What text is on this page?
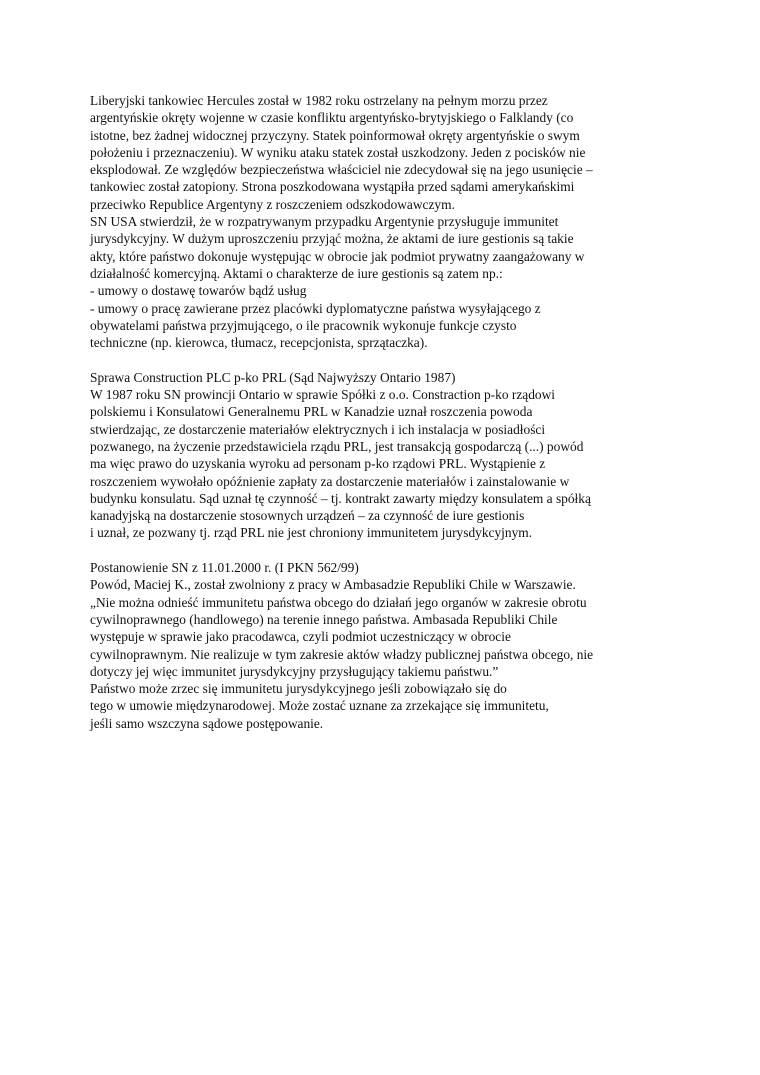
Liberyjski tankowiec Hercules został w 1982 roku ostrzelany na pełnym morzu przez
argentyńskie okręty wojenne w czasie konfliktu argentyńsko-brytyjskiego o Falklandy (co
istotne, bez żadnej widocznej przyczyny. Statek poinformował okręty argentyńskie o swym
położeniu i przeznaczeniu). W wyniku ataku statek został uszkodzony. Jeden z pocisków nie
eksplodował. Ze względów bezpieczeństwa właściciel nie zdecydował się na jego usunięcie –
tankowiec został zatopiony. Strona poszkodowana wystąpiła przed sądami amerykańskimi
przeciwko Republice Argentyny z roszczeniem odszkodowawczym.
SN USA stwierdził, że w rozpatrywanym przypadku Argentynie przysługuje immunitet
jurysdykcyjny. W dużym uproszczeniu przyjąć można, że aktami de iure gestionis są takie
akty, które państwo dokonuje występując w obrocie jak podmiot prywatny zaangażowany w
działalność komercyjną. Aktami o charakterze de iure gestionis są zatem np.:
- umowy o dostawę towarów bądź usług
- umowy o pracę zawierane przez placówki dyplomatyczne państwa wysyłającego z
obywatelami państwa przyjmującego, o ile pracownik wykonuje funkcje czysto
techniczne (np. kierowca, tłumacz, recepcjonista, sprzątaczka).
Sprawa Construction PLC p-ko PRL (Sąd Najwyższy Ontario 1987)
W 1987 roku SN prowincji Ontario w sprawie Spółki z o.o. Constraction p-ko rządowi
polskiemu i Konsulatowi Generalnemu PRL w Kanadzie uznał roszczenia powoda
stwierdzając, ze dostarczenie materiałów elektrycznych i ich instalacja w posiadłości
pozwanego, na życzenie przedstawiciela rządu PRL, jest transakcją gospodarczą (...) powód
ma więc prawo do uzyskania wyroku ad personam p-ko rządowi PRL. Wystąpienie z
roszczeniem wywołało opóźnienie zapłaty za dostarczenie materiałów i zainstalowanie w
budynku konsulatu. Sąd uznał tę czynność – tj. kontrakt zawarty między konsulatem a spółką
kanadyjską na dostarczenie stosownych urządzeń – za czynność de iure gestionis
i uznał, ze pozwany tj. rząd PRL nie jest chroniony immunitetem jurysdykcyjnym.
Postanowienie SN z 11.01.2000 r. (I PKN 562/99)
Powód, Maciej K., został zwolniony z pracy w Ambasadzie Republiki Chile w Warszawie.
„Nie można odnieść immunitetu państwa obcego do działań jego organów w zakresie obrotu
cywilnoprawnego (handlowego) na terenie innego państwa. Ambasada Republiki Chile
występuje w sprawie jako pracodawca, czyli podmiot uczestniczący w obrocie
cywilnoprawnym. Nie realizuje w tym zakresie aktów władzy publicznej państwa obcego, nie
dotyczy jej więc immunitet jurysdykcyjny przysługujący takiemu państwu.”
Państwo może zrzec się immunitetu jurysdykcyjnego jeśli zobowiązało się do
tego w umowie międzynarodowej. Może zostać uznane za zrzekające się immunitetu,
jeśli samo wszczyna sądowe postępowanie.
